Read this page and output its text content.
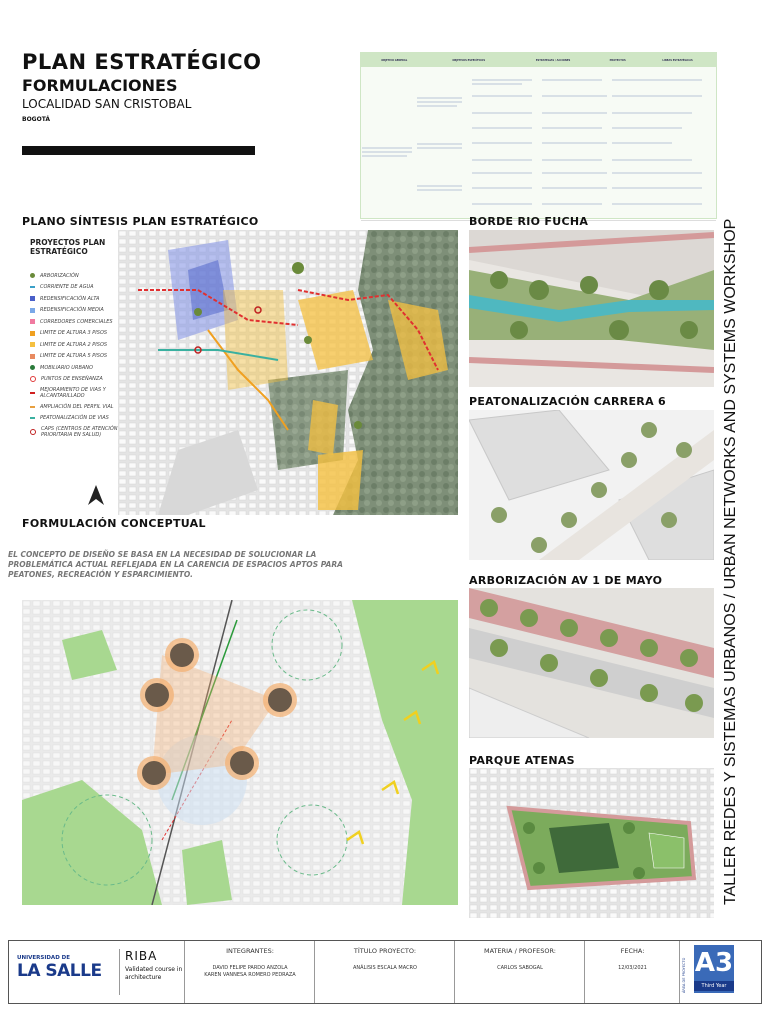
PLAN ESTRATÉGICO
FORMULACIONES
LOCALIDAD SAN CRISTOBAL
BOGOTÁ
OBJETIVO GENERAL	OBJETIVOS ESPECÍFICOS	ESTRATEGIAS / ACCIONES	PROYECTOS	LINEAS ESTRATÉGICAS

TALLER REDES Y SISTEMAS URBANOS / URBAN NETWORKS AND SYSTEMS WORKSHOP
PLANO SÍNTESIS PLAN ESTRATÉGICO
PROYECTOS PLAN ESTRATÉGICO
ARBORIZACIÓN
CORRIENTE DE AGUA
REDENSIFICACIÓN ALTA
REDENSIFICACIÓN MEDIA
CORREDORES COMERCIALES
LIMITE DE ALTURA 3 PISOS
LIMITE DE ALTURA 2 PISOS
LIMITE DE ALTURA 5 PISOS
MOBILIARIO URBANO
PUNTOS DE ENSEÑANZA
MEJORAMIENTO DE VIAS Y ALCANTARILLADO
AMPLIACIÓN DEL PERFIL VIAL
PEATONALIZACIÓN DE VIAS
CAPS (CENTROS DE ATENCIÓN PRIORITARIA EN SALUD)
FORMULACIÓN CONCEPTUAL
EL CONCEPTO DE DISEÑO SE BASA EN LA NECESIDAD DE SOLUCIONAR LA PROBLEMÁTICA ACTUAL REFLEJADA EN LA CARENCIA DE ESPACIOS APTOS PARA PEATONES, RECREACIÓN Y ESPARCIMIENTO.
BORDE RIO FUCHA
PEATONALIZACIÓN CARRERA 6
ARBORIZACIÓN AV 1 DE MAYO
PARQUE ATENAS
UNIVERSIDAD DE
LA SALLE
RIBA
Validated course in architecture
INTEGRANTES:
DAVID FELIPE PARDO ANZOLA
KAREN VANNESA ROMERO PEDRAZA
TÍTULO PROYECTO:
ANÁLISIS ESCALA MACRO
MATERIA / PROFESOR:
CARLOS SABOGAL
FECHA:
12/03/2021	ÁREA DE PROYECTO A3
Third Year
